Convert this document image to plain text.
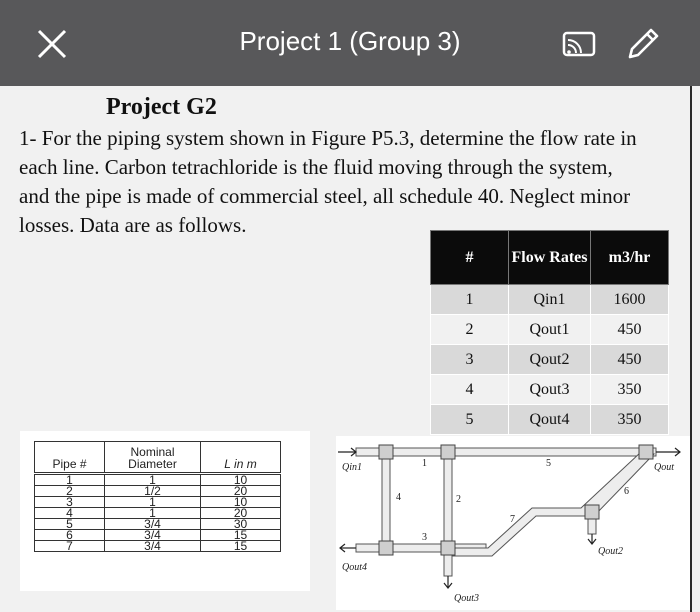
Project 1 (Group 3)
Project G2
1- For the piping system shown in Figure P5.3, determine the flow rate in
each line. Carbon tetrachloride is the fluid moving through the system,
and the pipe is made of commercial steel, all schedule 40. Neglect minor
losses. Data are as follows.
#	Flow Rates	m3/hr
1	Qin1	1600
2	Qout1	450
3	Qout2	450
4	Qout3	350
5	Qout4	350
Pipe #	Nominal Diameter	L in m
1	1	10
2	1/2	20
3	1	10
4	1	20
5	3/4	30
6	3/4	15
7	3/4	15
Qin1	Qout
Qout2
Qout3
Qout4
1
2
3
4
5
6
7
